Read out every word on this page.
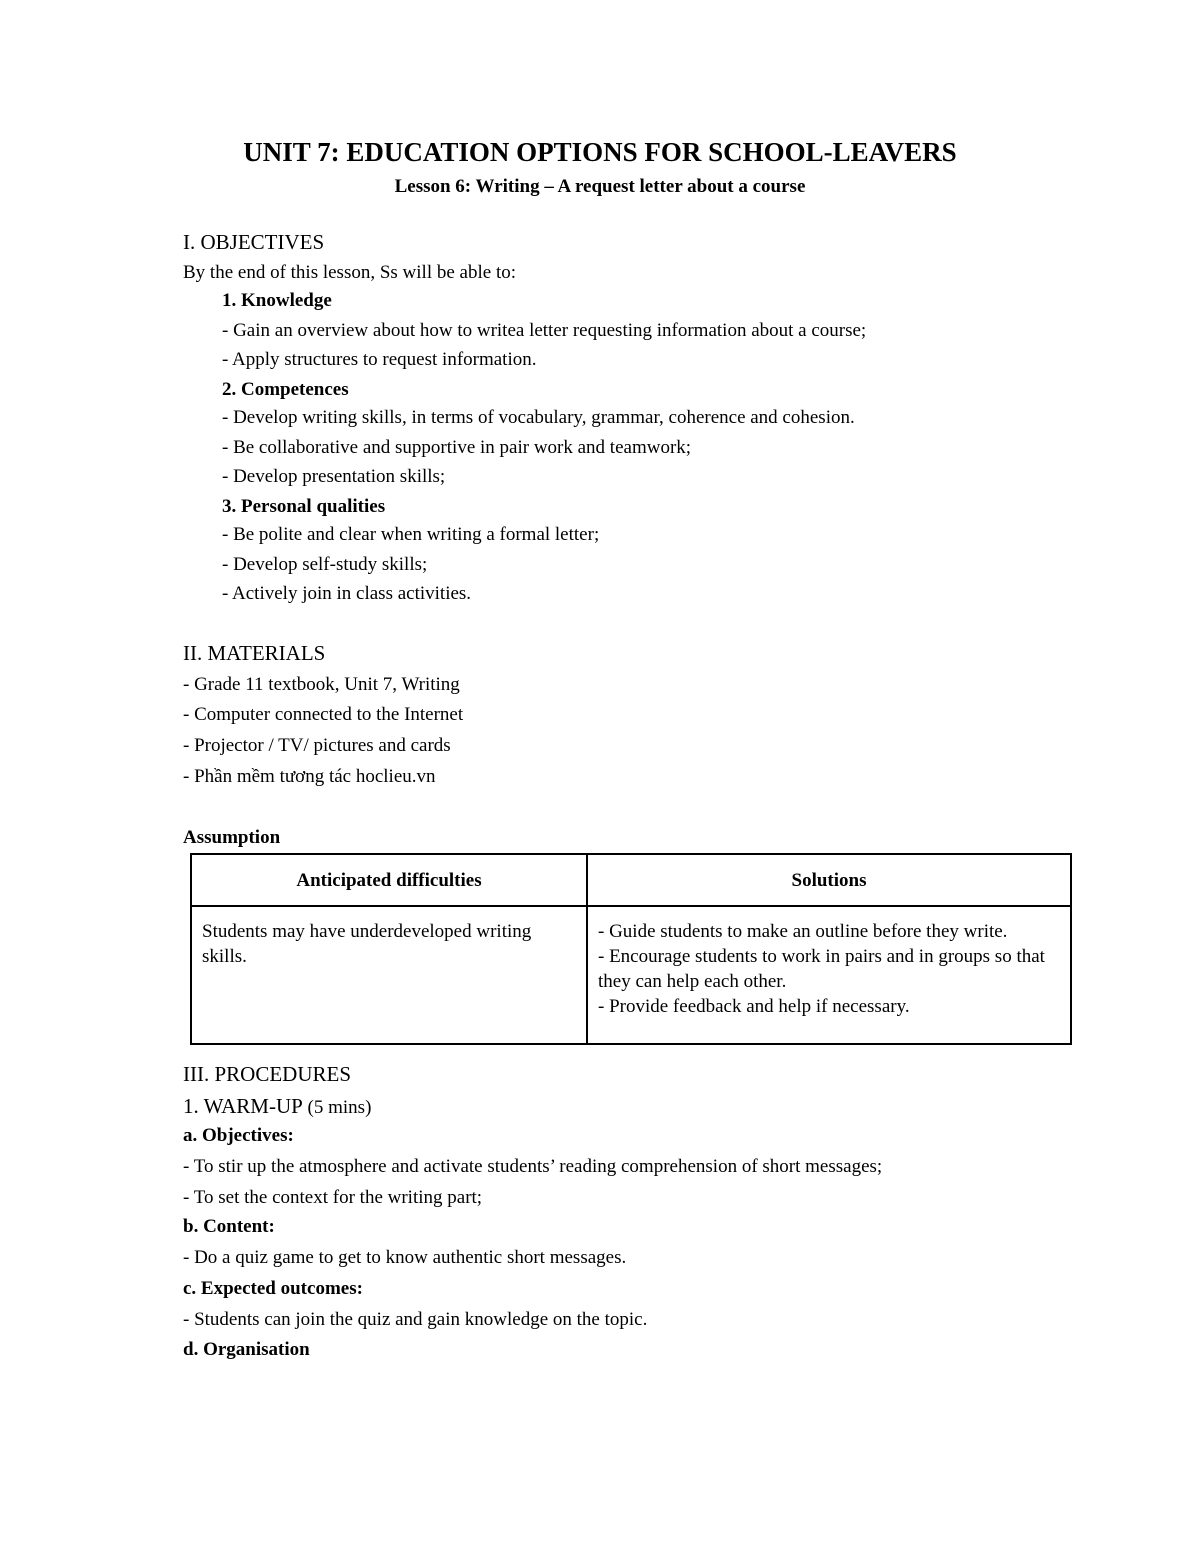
UNIT 7: EDUCATION OPTIONS FOR SCHOOL-LEAVERS
Lesson 6: Writing – A request letter about a course
I. OBJECTIVES
By the end of this lesson, Ss will be able to:
1. Knowledge
- Gain an overview about how to writea letter requesting information about a course;
- Apply structures to request information.
2. Competences
- Develop writing skills, in terms of vocabulary, grammar, coherence and cohesion.
- Be collaborative and supportive in pair work and teamwork;
- Develop presentation skills;
3. Personal qualities
- Be polite and clear when writing a formal letter;
- Develop self-study skills;
- Actively join in class activities.
II. MATERIALS
- Grade 11 textbook, Unit 7, Writing
- Computer connected to the Internet
- Projector / TV/ pictures and cards
- Phần mềm tương tác hoclieu.vn
Assumption
Anticipated difficulties	Solutions
Students may have underdeveloped writing skills.	- Guide students to make an outline before they write.
- Encourage students to work in pairs and in groups so that they can help each other.
- Provide feedback and help if necessary.
III. PROCEDURES
1. WARM-UP (5 mins)
a. Objectives:
- To stir up the atmosphere and activate students’ reading comprehension of short messages;
- To set the context for the writing part;
b. Content:
- Do a quiz game to get to know authentic short messages.
c. Expected outcomes:
- Students can join the quiz and gain knowledge on the topic.
d. Organisation
